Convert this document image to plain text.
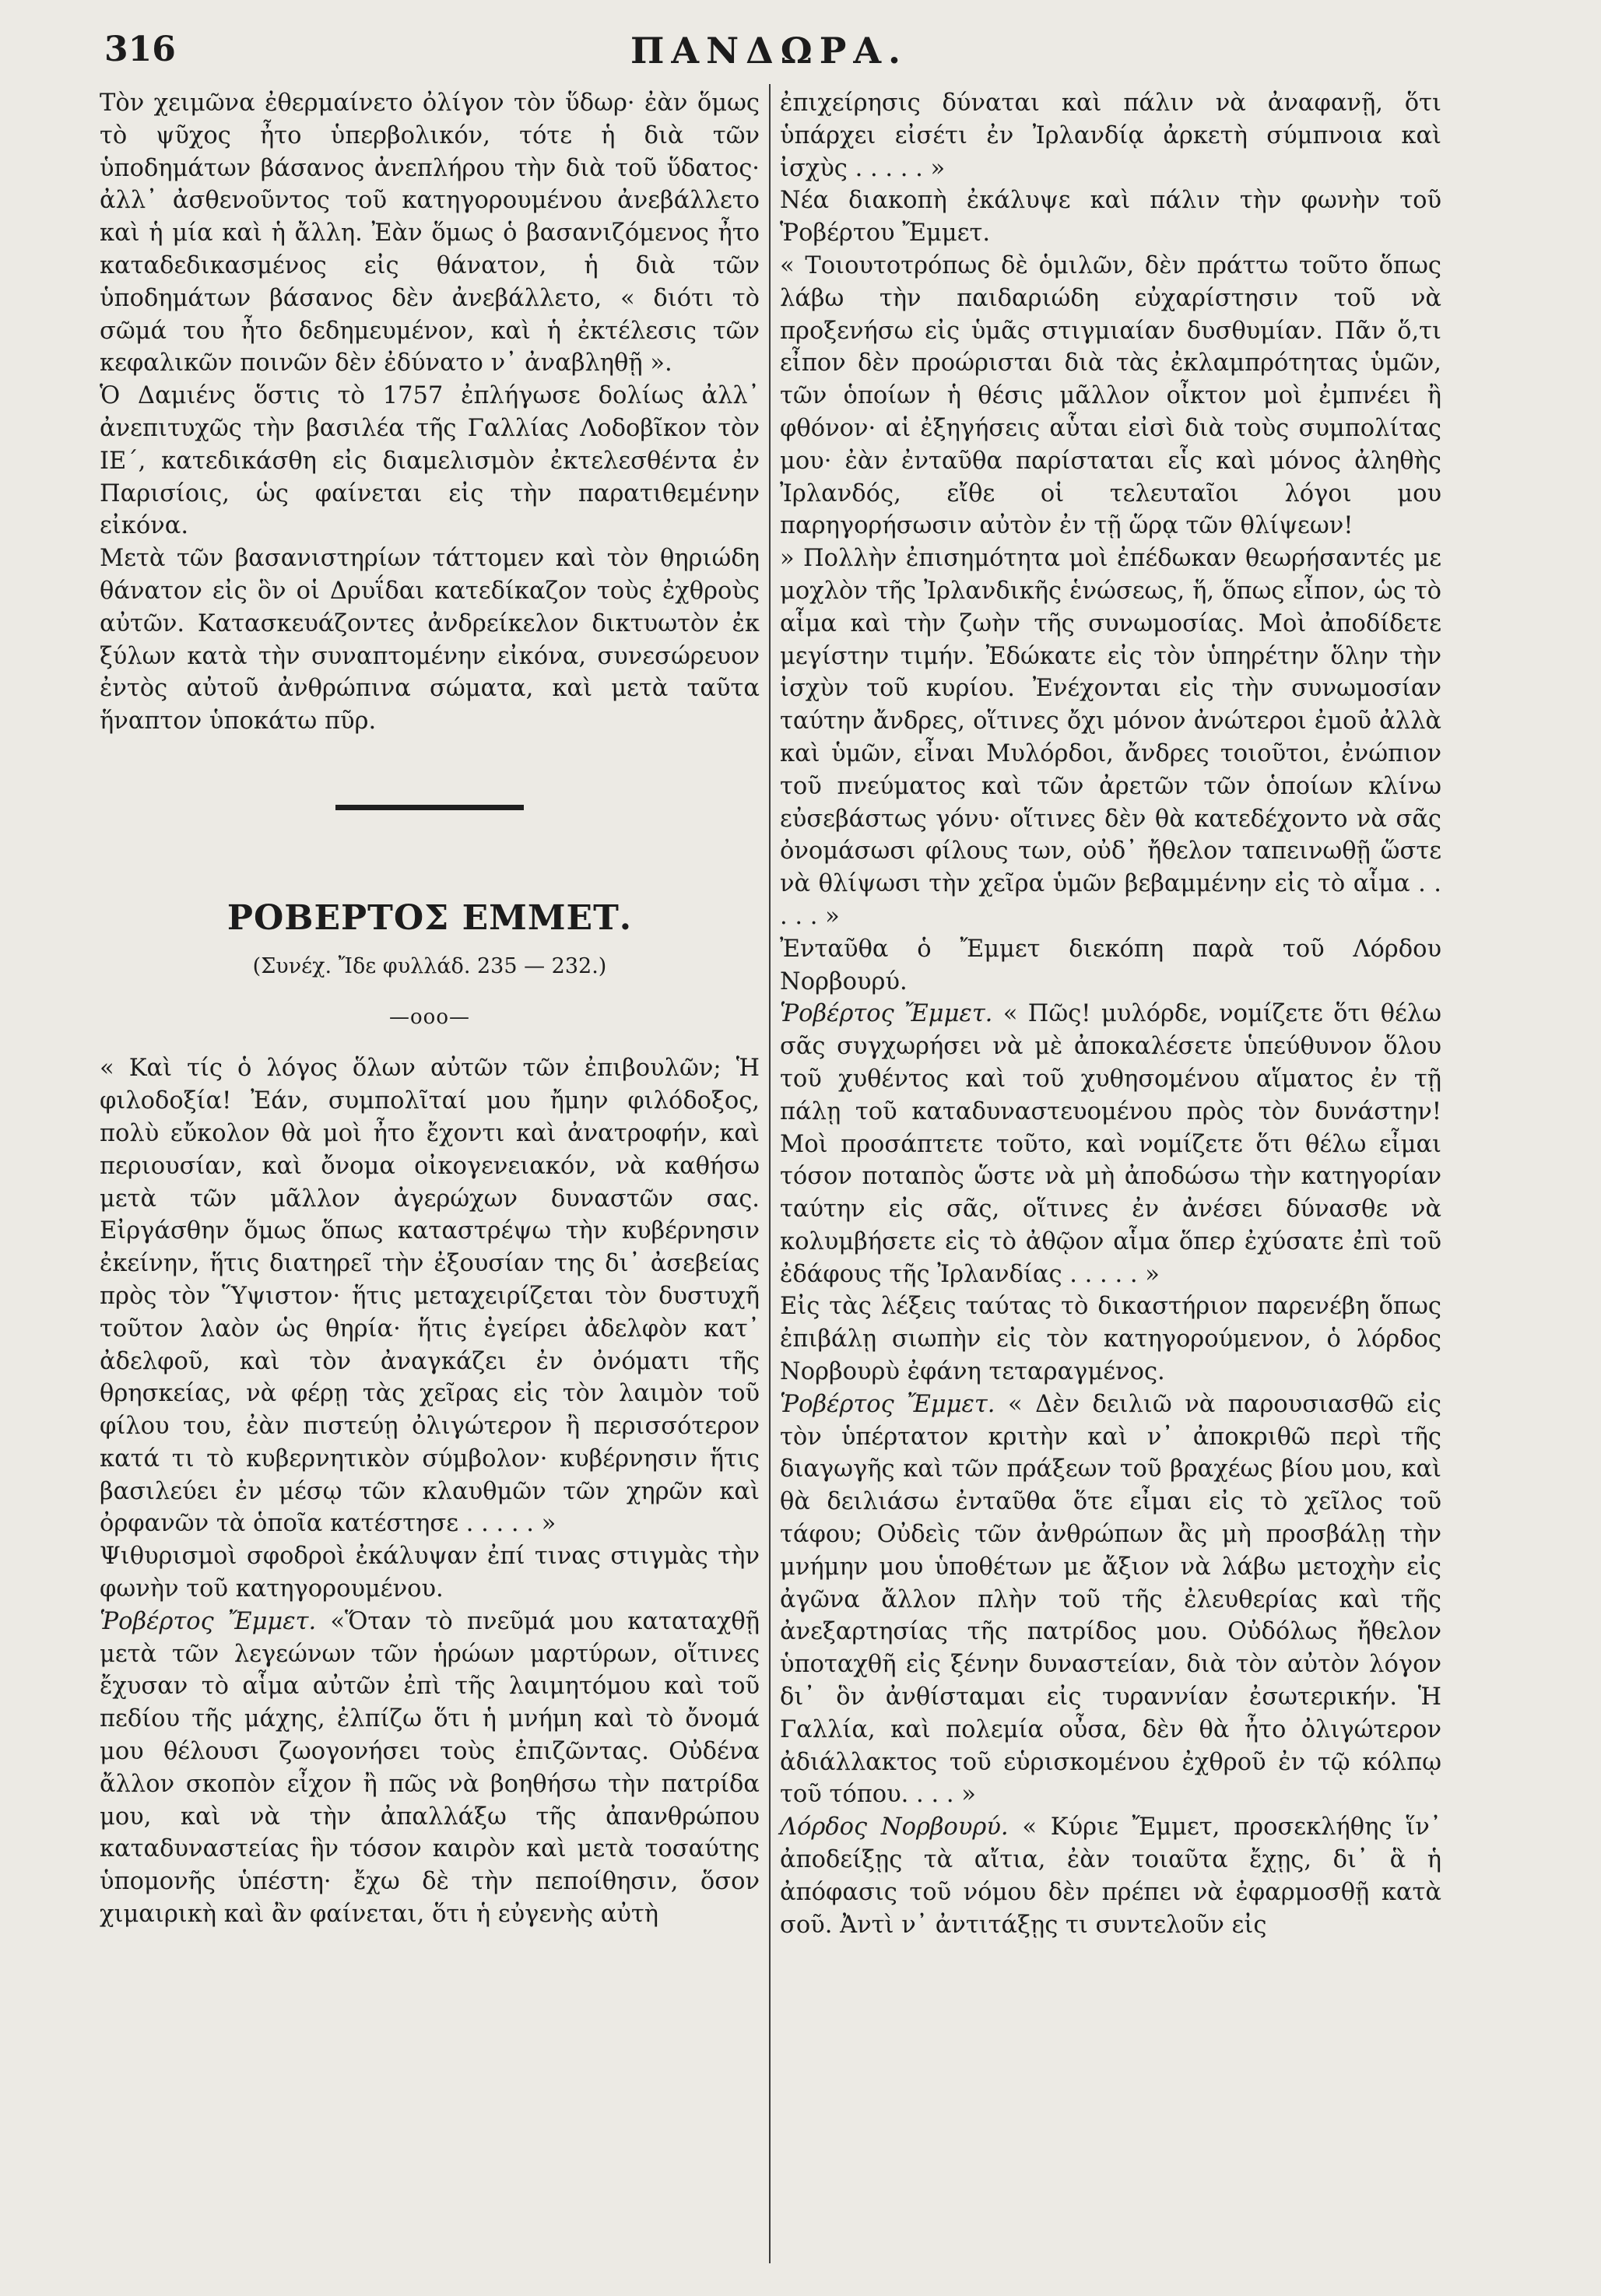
316	ΠΑΝΔΩΡΑ.

Τὸν χειμῶνα ἐθερμαίνετο ὀλίγον τὸν ὕδωρ· ἐὰν ὅμως τὸ ψῦχος ἦτο ὑπερβολικόν, τότε ἡ διὰ τῶν ὑποδημάτων βάσανος ἀνεπλήρου τὴν διὰ τοῦ ὕδατος· ἀλλ᾽ ἀσθενοῦντος τοῦ κατηγορουμένου ἀνεβάλλετο καὶ ἡ μία καὶ ἡ ἄλλη. Ἐὰν ὅμως ὁ βασανιζόμενος ἦτο καταδεδικασμένος εἰς θάνατον, ἡ διὰ τῶν ὑποδημάτων βάσανος δὲν ἀνεβάλλετο, « διότι τὸ σῶμά του ἦτο δεδημευμένον, καὶ ἡ ἐκτέλεσις τῶν κεφαλικῶν ποινῶν δὲν ἐδύνατο ν᾽ ἀναβληθῇ ».

Ὁ Δαμιένς ὅστις τὸ 1757 ἐπλήγωσε δολίως ἀλλ᾽ ἀνεπιτυχῶς τὴν βασιλέα τῆς Γαλλίας Λοδοβῖκον τὸν ΙΕ΄, κατεδικάσθη εἰς διαμελισμὸν ἐκτελεσθέντα ἐν Παρισίοις, ὡς φαίνεται εἰς τὴν παρατιθεμένην εἰκόνα.

Μετὰ τῶν βασανιστηρίων τάττομεν καὶ τὸν θηριώδη θάνατον εἰς ὃν οἱ Δρυΐδαι κατεδίκαζον τοὺς ἐχθροὺς αὐτῶν. Κατασκευάζοντες ἀνδρείκελον δικτυωτὸν ἐκ ξύλων κατὰ τὴν συναπτομένην εἰκόνα, συνεσώρευον ἐντὸς αὐτοῦ ἀνθρώπινα σώματα, καὶ μετὰ ταῦτα ἥναπτον ὑποκάτω πῦρ.

ΡΟΒΕΡΤΟΣ ΕΜΜΕΤ.
(Συνέχ. Ἴδε φυλλάδ. 235 — 232.)
—οοο—

« Καὶ τίς ὁ λόγος ὅλων αὐτῶν τῶν ἐπιβουλῶν; Ἡ φιλοδοξία! Ἐάν, συμπολῖταί μου ἤμην φιλόδοξος, πολὺ εὔκολον θὰ μοὶ ἦτο ἔχοντι καὶ ἀνατροφήν, καὶ περιουσίαν, καὶ ὄνομα οἰκογενειακόν, νὰ καθήσω μετὰ τῶν μᾶλλον ἀγερώχων δυναστῶν σας. Εἰργάσθην ὅμως ὅπως καταστρέψω τὴν κυβέρνησιν ἐκείνην, ἥτις διατηρεῖ τὴν ἐξουσίαν της δι᾽ ἀσεβείας πρὸς τὸν Ὕψιστον· ἥτις μεταχειρίζεται τὸν δυστυχῆ τοῦτον λαὸν ὡς θηρία· ἥτις ἐγείρει ἀδελφὸν κατ᾽ ἀδελφοῦ, καὶ τὸν ἀναγκάζει ἐν ὀνόματι τῆς θρησκείας, νὰ φέρῃ τὰς χεῖρας εἰς τὸν λαιμὸν τοῦ φίλου του, ἐὰν πιστεύῃ ὀλιγώτερον ἢ περισσότερον κατά τι τὸ κυβερνητικὸν σύμβολον· κυβέρνησιν ἥτις βασιλεύει ἐν μέσῳ τῶν κλαυθμῶν τῶν χηρῶν καὶ ὀρφανῶν τὰ ὁποῖα κατέστησε . . . . . »

Ψιθυρισμοὶ σφοδροὶ ἐκάλυψαν ἐπί τινας στιγμὰς τὴν φωνὴν τοῦ κατηγορουμένου.

Ῥοβέρτος Ἔμμετ. «Ὅταν τὸ πνεῦμά μου καταταχθῇ μετὰ τῶν λεγεώνων τῶν ἡρώων μαρτύρων, οἵτινες ἔχυσαν τὸ αἷμα αὐτῶν ἐπὶ τῆς λαιμητόμου καὶ τοῦ πεδίου τῆς μάχης, ἐλπίζω ὅτι ἡ μνήμη καὶ τὸ ὄνομά μου θέλουσι ζωογονήσει τοὺς ἐπιζῶντας. Οὐδένα ἄλλον σκοπὸν εἶχον ἢ πῶς νὰ βοηθήσω τὴν πατρίδα μου, καὶ νὰ τὴν ἀπαλλάξω τῆς ἀπανθρώπου καταδυναστείας ἣν τόσον καιρὸν καὶ μετὰ τοσαύτης ὑπομονῆς ὑπέστη· ἔχω δὲ τὴν πεποίθησιν, ὅσον χιμαιρικὴ καὶ ἂν φαίνεται, ὅτι ἡ εὐγενὴς αὐτὴ

ἐπιχείρησις δύναται καὶ πάλιν νὰ ἀναφανῇ, ὅτι ὑπάρχει εἰσέτι ἐν Ἰρλανδίᾳ ἀρκετὴ σύμπνοια καὶ ἰσχὺς . . . . . »

Νέα διακοπὴ ἐκάλυψε καὶ πάλιν τὴν φωνὴν τοῦ Ῥοβέρτου Ἔμμετ.

« Τοιουτοτρόπως δὲ ὁμιλῶν, δὲν πράττω τοῦτο ὅπως λάβω τὴν παιδαριώδη εὐχαρίστησιν τοῦ νὰ προξενήσω εἰς ὑμᾶς στιγμιαίαν δυσθυμίαν. Πᾶν ὅ,τι εἶπον δὲν προώρισται διὰ τὰς ἐκλαμπρότητας ὑμῶν, τῶν ὁποίων ἡ θέσις μᾶλλον οἶκτον μοὶ ἐμπνέει ἢ φθόνον· αἱ ἐξηγήσεις αὗται εἰσὶ διὰ τοὺς συμπολίτας μου· ἐὰν ἐνταῦθα παρίσταται εἷς καὶ μόνος ἀληθὴς Ἰρλανδός, εἴθε οἱ τελευταῖοι λόγοι μου παρηγορήσωσιν αὐτὸν ἐν τῇ ὥρᾳ τῶν θλίψεων!

» Πολλὴν ἐπισημότητα μοὶ ἐπέδωκαν θεωρήσαντές με μοχλὸν τῆς Ἰρλανδικῆς ἑνώσεως, ἥ, ὅπως εἶπον, ὡς τὸ αἷμα καὶ τὴν ζωὴν τῆς συνωμοσίας. Μοὶ ἀποδίδετε μεγίστην τιμήν. Ἐδώκατε εἰς τὸν ὑπηρέτην ὅλην τὴν ἰσχὺν τοῦ κυρίου. Ἐνέχονται εἰς τὴν συνωμοσίαν ταύτην ἄνδρες, οἵτινες ὄχι μόνον ἀνώτεροι ἐμοῦ ἀλλὰ καὶ ὑμῶν, εἶναι Μυλόρδοι, ἄνδρες τοιοῦτοι, ἐνώπιον τοῦ πνεύματος καὶ τῶν ἀρετῶν τῶν ὁποίων κλίνω εὐσεβάστως γόνυ· οἵτινες δὲν θὰ κατεδέχοντο νὰ σᾶς ὀνομάσωσι φίλους των, οὐδ᾽ ἤθελον ταπεινωθῇ ὥστε νὰ θλίψωσι τὴν χεῖρα ὑμῶν βεβαμμένην εἰς τὸ αἷμα . . . . . »

Ἐνταῦθα ὁ Ἔμμετ διεκόπη παρὰ τοῦ Λόρδου Νορβουρύ.

Ῥοβέρτος Ἔμμετ. « Πῶς! μυλόρδε, νομίζετε ὅτι θέλω σᾶς συγχωρήσει νὰ μὲ ἀποκαλέσετε ὑπεύθυνον ὅλου τοῦ χυθέντος καὶ τοῦ χυθησομένου αἵματος ἐν τῇ πάλῃ τοῦ καταδυναστευομένου πρὸς τὸν δυνάστην! Μοὶ προσάπτετε τοῦτο, καὶ νομίζετε ὅτι θέλω εἶμαι τόσον ποταπὸς ὥστε νὰ μὴ ἀποδώσω τὴν κατηγορίαν ταύτην εἰς σᾶς, οἵτινες ἐν ἀνέσει δύνασθε νὰ κολυμβήσετε εἰς τὸ ἀθῷον αἷμα ὅπερ ἐχύσατε ἐπὶ τοῦ ἐδάφους τῆς Ἰρλανδίας . . . . . »

Εἰς τὰς λέξεις ταύτας τὸ δικαστήριον παρενέβη ὅπως ἐπιβάλῃ σιωπὴν εἰς τὸν κατηγορούμενον, ὁ λόρδος Νορβουρὺ ἐφάνη τεταραγμένος.

Ῥοβέρτος Ἔμμετ. « Δὲν δειλιῶ νὰ παρουσιασθῶ εἰς τὸν ὑπέρτατον κριτὴν καὶ ν᾽ ἀποκριθῶ περὶ τῆς διαγωγῆς καὶ τῶν πράξεων τοῦ βραχέως βίου μου, καὶ θὰ δειλιάσω ἐνταῦθα ὅτε εἶμαι εἰς τὸ χεῖλος τοῦ τάφου; Οὐδεὶς τῶν ἀνθρώπων ἂς μὴ προσβάλῃ τὴν μνήμην μου ὑποθέτων με ἄξιον νὰ λάβω μετοχὴν εἰς ἀγῶνα ἄλλον πλὴν τοῦ τῆς ἐλευθερίας καὶ τῆς ἀνεξαρτησίας τῆς πατρίδος μου. Οὐδόλως ἤθελον ὑποταχθῆ εἰς ξένην δυναστείαν, διὰ τὸν αὐτὸν λόγον δι᾽ ὃν ἀνθίσταμαι εἰς τυραννίαν ἐσωτερικήν. Ἡ Γαλλία, καὶ πολεμία οὖσα, δὲν θὰ ἦτο ὀλιγώτερον ἀδιάλλακτος τοῦ εὑρισκομένου ἐχθροῦ ἐν τῷ κόλπῳ τοῦ τόπου. . . . »

Λόρδος Νορβουρύ. « Κύριε Ἔμμετ, προσεκλήθης ἵν᾽ ἀποδείξῃς τὰ αἴτια, ἐὰν τοιαῦτα ἔχῃς, δι᾽ ἃ ἡ ἀπόφασις τοῦ νόμου δὲν πρέπει νὰ ἐφαρμοσθῇ κατὰ σοῦ. Ἀντὶ ν᾽ ἀντιτάξῃς τι συντελοῦν εἰς
